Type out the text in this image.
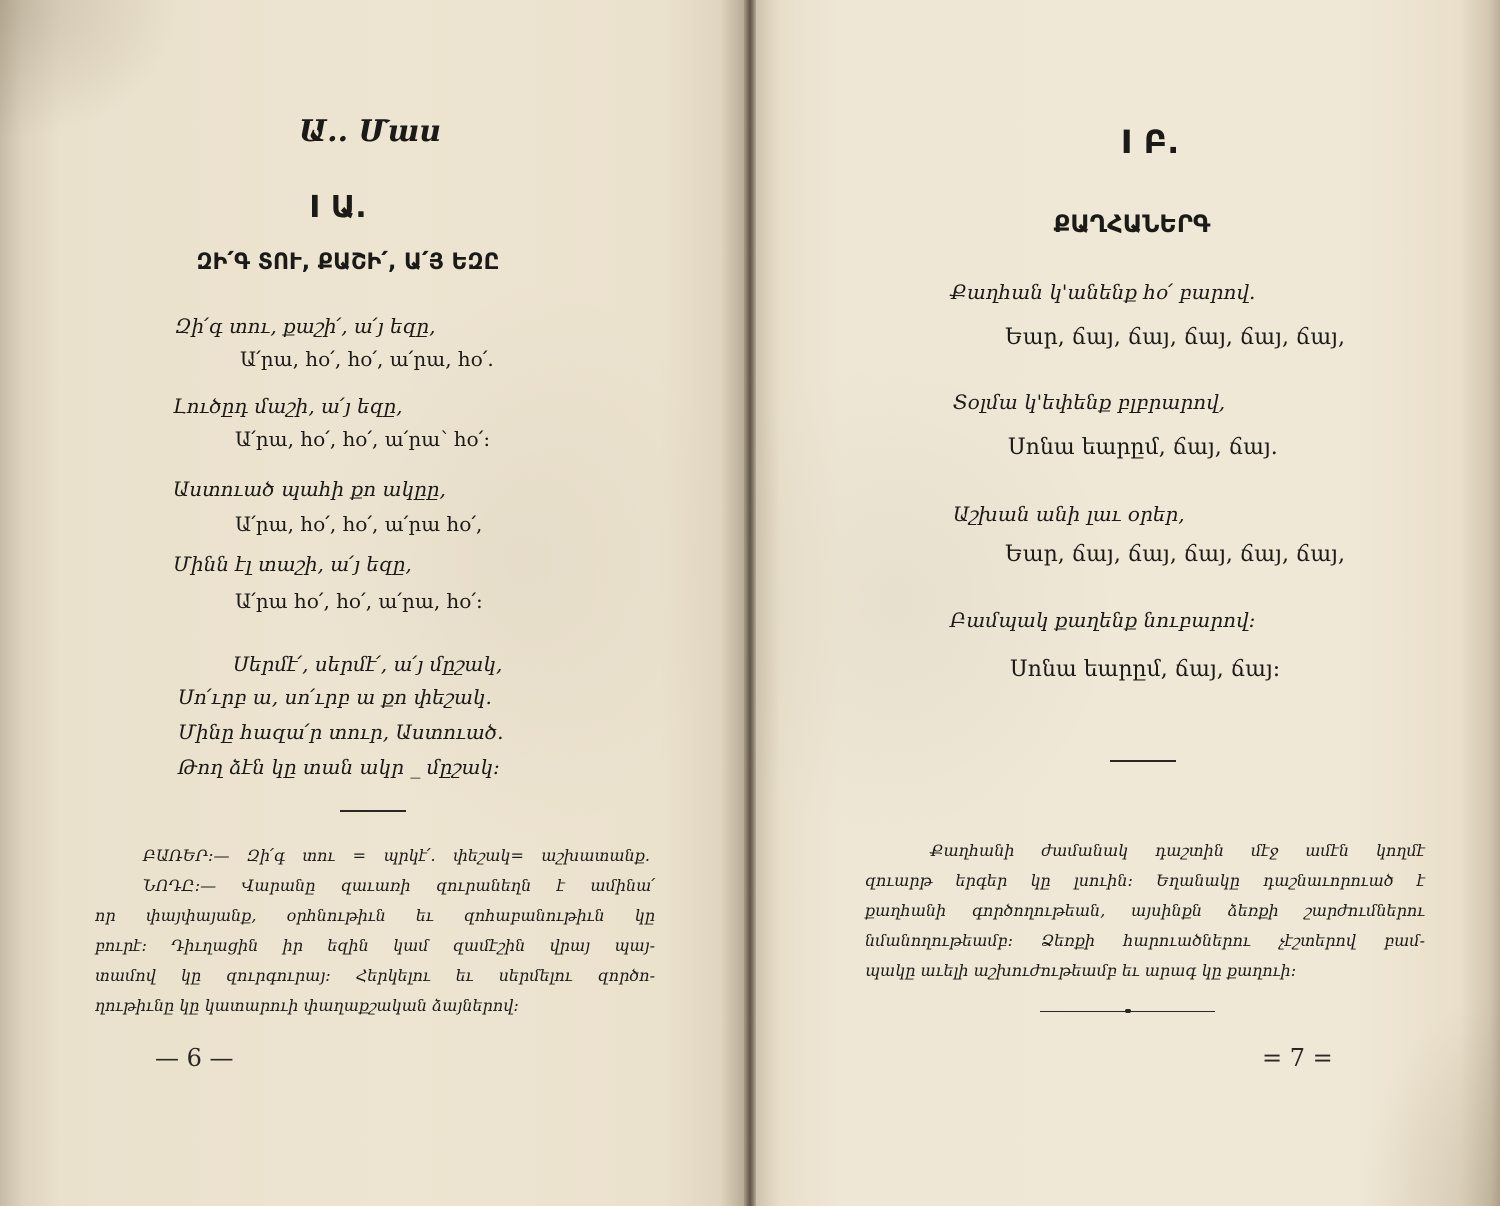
Ա.. Մաս
I Ա.
ԶԻ՛Գ ՏՈՒ, ՔԱՇԻ՛, Ա՛Յ ԵԶԸ
Զի՛գ տու, քաշի՛, ա՛յ եզը,
Ա՛րա, հօ՛, հօ՛, ա՛րա, հօ՛.
Լուծըդ մաշի, ա՛յ եզը,
Ա՛րա, հօ՛, հօ՛, ա՛րա՝ հօ՛:
Աստուած պահի քո ակըը,
Ա՛րա, հօ՛, հօ՛, ա՛րա հօ՛,
Մինն էլ տաշի, ա՛յ եզը,
Ա՛րա հօ՛, հօ՛, ա՛րա, հօ՛:
Սերմէ՛, սերմէ՛, ա՛յ մըշակ,
Սո՛ւրբ ա, սո՛ւրբ ա քո փեշակ.
Մինը հազա՛ր տուր, Աստուած.
Թող ձէն կը տան ակր _ մըշակ:
ԲԱՌԵՐ:— Զի՛գ տու = պրկէ՛. փեշակ= աշխատանք.
ՆՈԴԸ:— Վարանը զաւառի զուրանեղն է ամինա՛
որ փայփայանք, օրհնութիւն եւ զոհաբանութիւն կը
բուրէ: Դիւղացին իր եզին կամ զամէշին վրայ պայ-
տամով կը զուրգուրայ: Հերկելու եւ սերմելու զործո-
ղութիւնը կը կատարուի փաղաքշական ձայներով:
— 6 —
I Բ.
ՔԱՂՀԱՆԵՐԳ
Քաղհան կ'անենք հօ՛ բարով.
Եար, ճայ, ճայ, ճայ, ճայ, ճայ,
Տօլմա կ'եփենք բլբրարով,
Սոնա եարըմ, ճայ, ճայ.
Աշխան անի լաւ օրեր,
Եար, ճայ, ճայ, ճայ, ճայ, ճայ,
Բամպակ քաղենք նուբարով:
Սոնա եարըմ, ճայ, ճայ:
Քաղհանի ժամանակ դաշտին մէջ ամէն կողմէ
զուարթ երգեր կը լսուին: Եղանակը դաշնաւորուած է
քաղհանի գործողութեան, այսինքն ձեռքի շարժումներու
նմանողութեամբ: Ձեռքի հարուածներու չէշտերով բամ-
պակը աւելի աշխուժութեամբ եւ արագ կը քաղուի:
= 7 =
